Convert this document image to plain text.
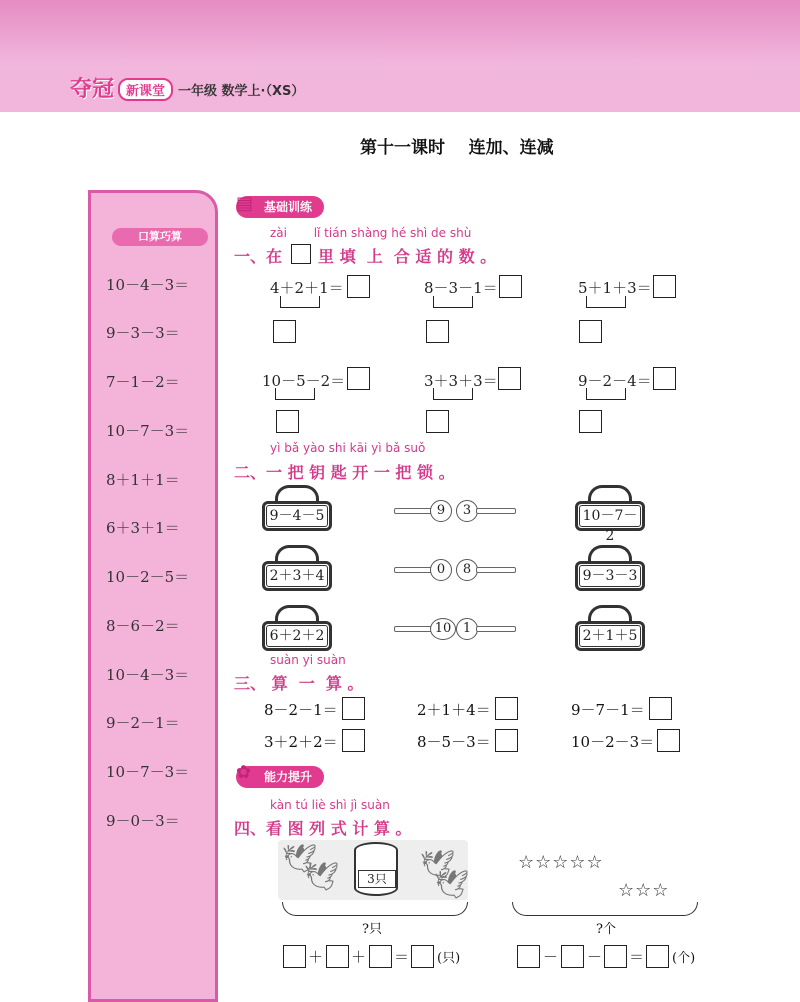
夺冠 新课堂 一年级 数学上·（XS）
第十一课时    连加、连减
口算巧算
10－4－3＝
9－3－3＝
7－1－2＝
10－7－3＝
8＋1＋1＝
6＋3＋1＝
10－2－5＝
8－6－2＝
10－4－3＝
9－2－1＝
10－7－3＝
9－0－3＝
基础训练
▤
zài       lǐ tián shàng hé shì de shù
一、在 里 填  上  合 适 的 数 。
4＋2＋1＝	8－3－1＝	5＋1＋3＝
10－5－2＝	3＋3＋3＝	9－2－4＝
yì bǎ yào shi kāi yì bǎ suǒ
二、一 把 钥 匙 开 一 把 锁 。
9－4－5	9	3	10－7－2
2＋3＋4	0	8	9－3－3
6＋2＋2	10 1	2＋1＋5
suàn yi suàn
三、 算  一  算 。
8－2－1＝	2＋1＋4＝	9－7－1＝
3＋2＋2＝	8－5－3＝	10－2－3＝
能力提升
✿
kàn tú liè shì jì suàn
四、看 图 列 式 计 算 。
🕊
🕊	🕊
🕊
3只
?只
☆☆☆☆☆
☆☆☆
?个
＋ ＋ ＝ (只)	－ － ＝ (个)
